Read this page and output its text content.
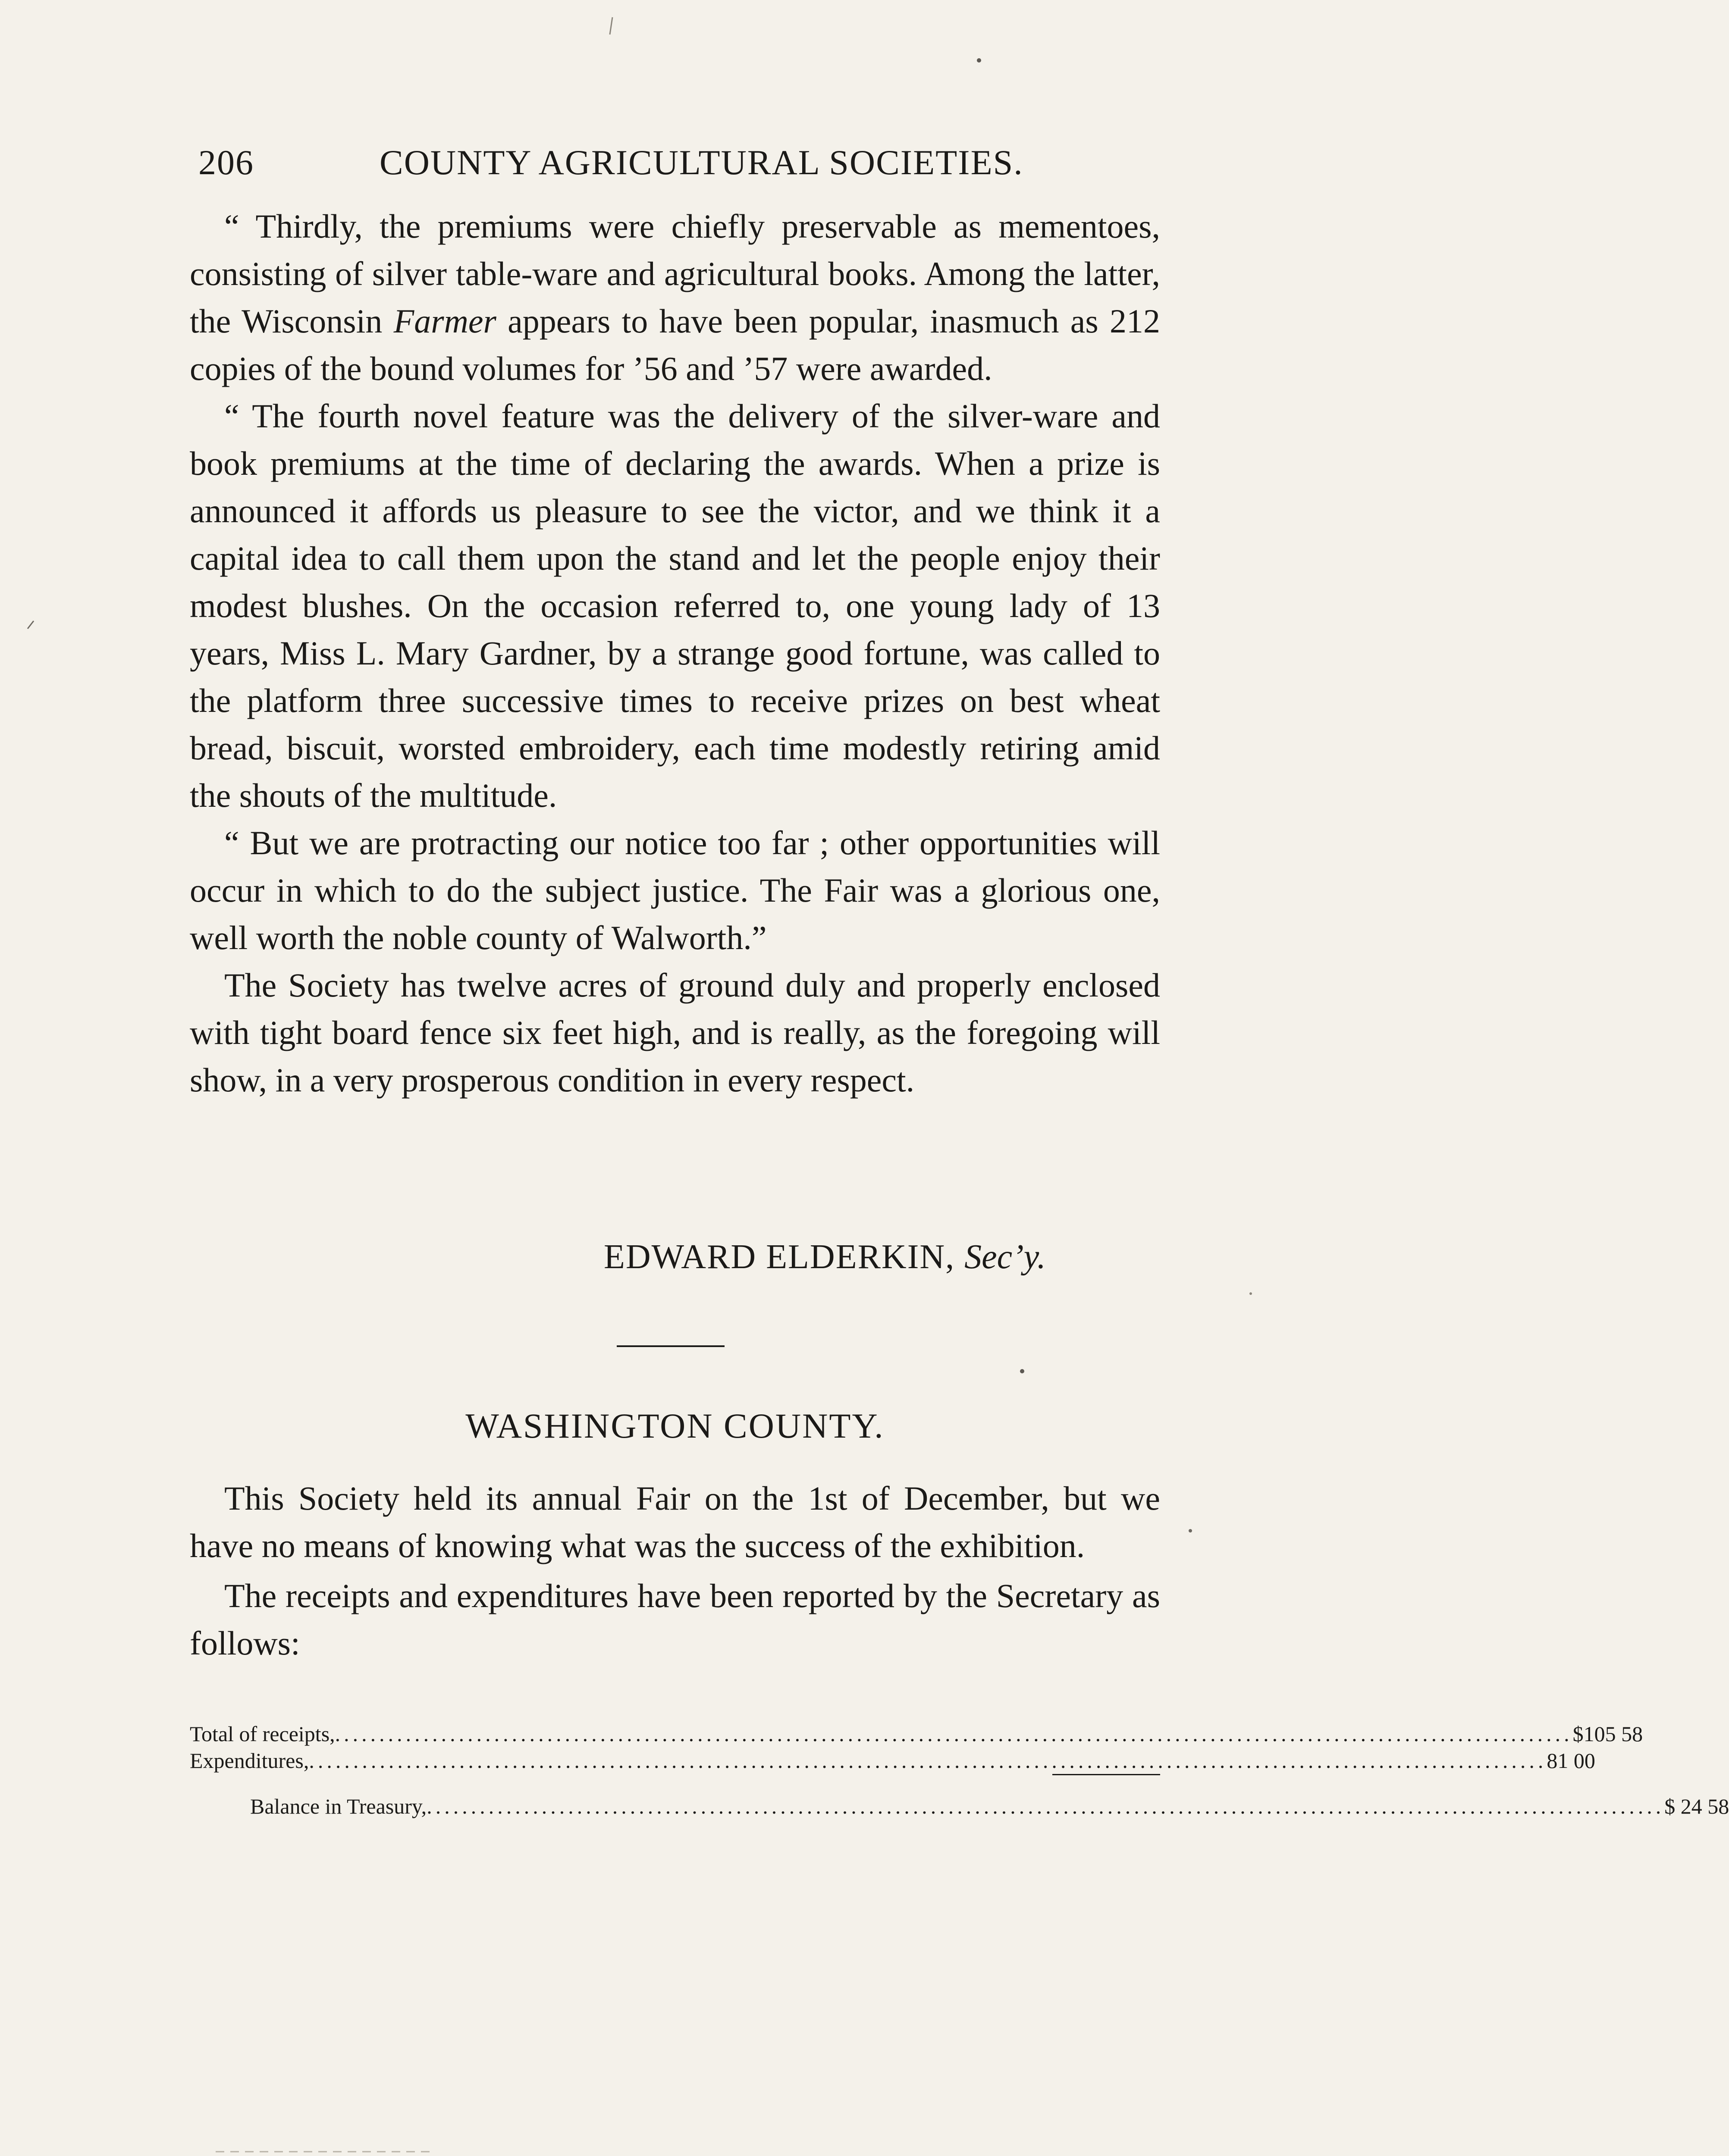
206	COUNTY AGRICULTURAL SOCIETIES.

“ Thirdly, the premiums were chiefly preservable as mementoes, consisting of silver table-ware and agricultural books. Among the latter, the Wisconsin Farmer appears to have been popular, inasmuch as 212 copies of the bound volumes for ’56 and ’57 were awarded.

“ The fourth novel feature was the delivery of the silver-ware and book premiums at the time of declaring the awards. When a prize is announced it affords us pleasure to see the victor, and we think it a capital idea to call them upon the stand and let the people enjoy their modest blushes. On the occasion referred to, one young lady of 13 years, Miss L. Mary Gardner, by a strange good fortune, was called to the platform three successive times to receive prizes on best wheat bread, biscuit, worsted embroidery, each time modestly retiring amid the shouts of the multitude.

“ But we are protracting our notice too far ; other opportunities will occur in which to do the subject justice. The Fair was a glorious one, well worth the noble county of Walworth.”

The Society has twelve acres of ground duly and properly enclosed with tight board fence six feet high, and is really, as the foregoing will show, in a very prosperous condition in every respect.

EDWARD ELDERKIN, Sec’y.
WASHINGTON COUNTY.

This Society held its annual Fair on the 1st of December, but we have no means of knowing what was the success of the exhibition.

The receipts and expenditures have been reported by the Secretary as follows:

Total of receipts, ............................................................................................................................................ $105 58
Expenditures, ............................................................................................................................................ 81 00
Balance in Treasury, ............................................................................................................................................ $ 24 58
